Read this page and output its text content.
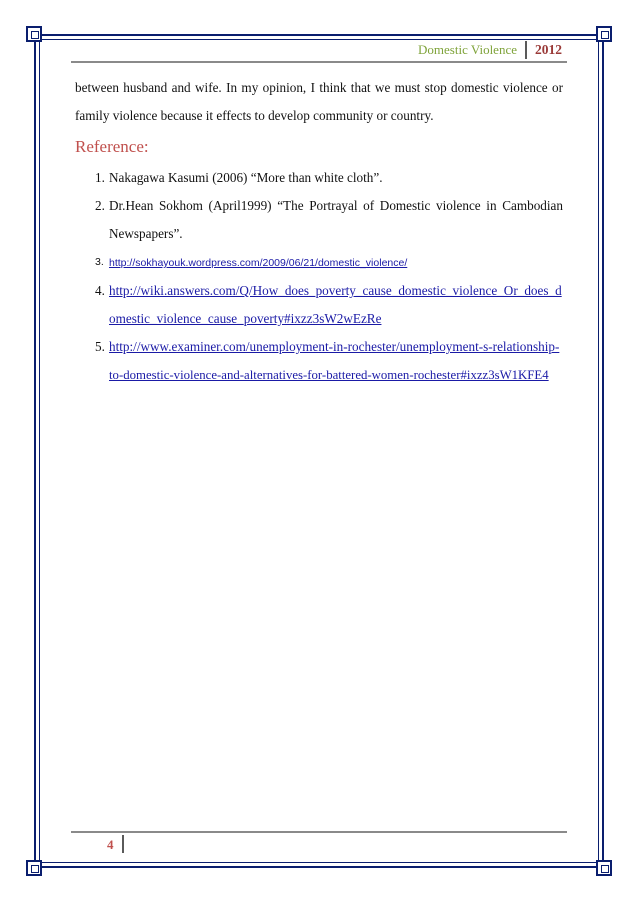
Domestic Violence	2012

between husband and wife. In my opinion, I think that we must stop domestic violence or

family violence because it effects to develop community or country.

Reference:
1. Nakagawa Kasumi (2006) “More than white cloth”.
2. Dr.Hean Sokhom (April1999) “The Portrayal of Domestic violence in Cambodian
Newspapers”.
3. http://sokhayouk.wordpress.com/2009/06/21/domestic_violence/
4. http://wiki.answers.com/Q/How_does_poverty_cause_domestic_violence_Or_does_d
omestic_violence_cause_poverty#ixzz3sW2wEzRe
5. http://www.examiner.com/unemployment-in-rochester/unemployment-s-relationship-
to-domestic-violence-and-alternatives-for-battered-women-rochester#ixzz3sW1KFE4
4
